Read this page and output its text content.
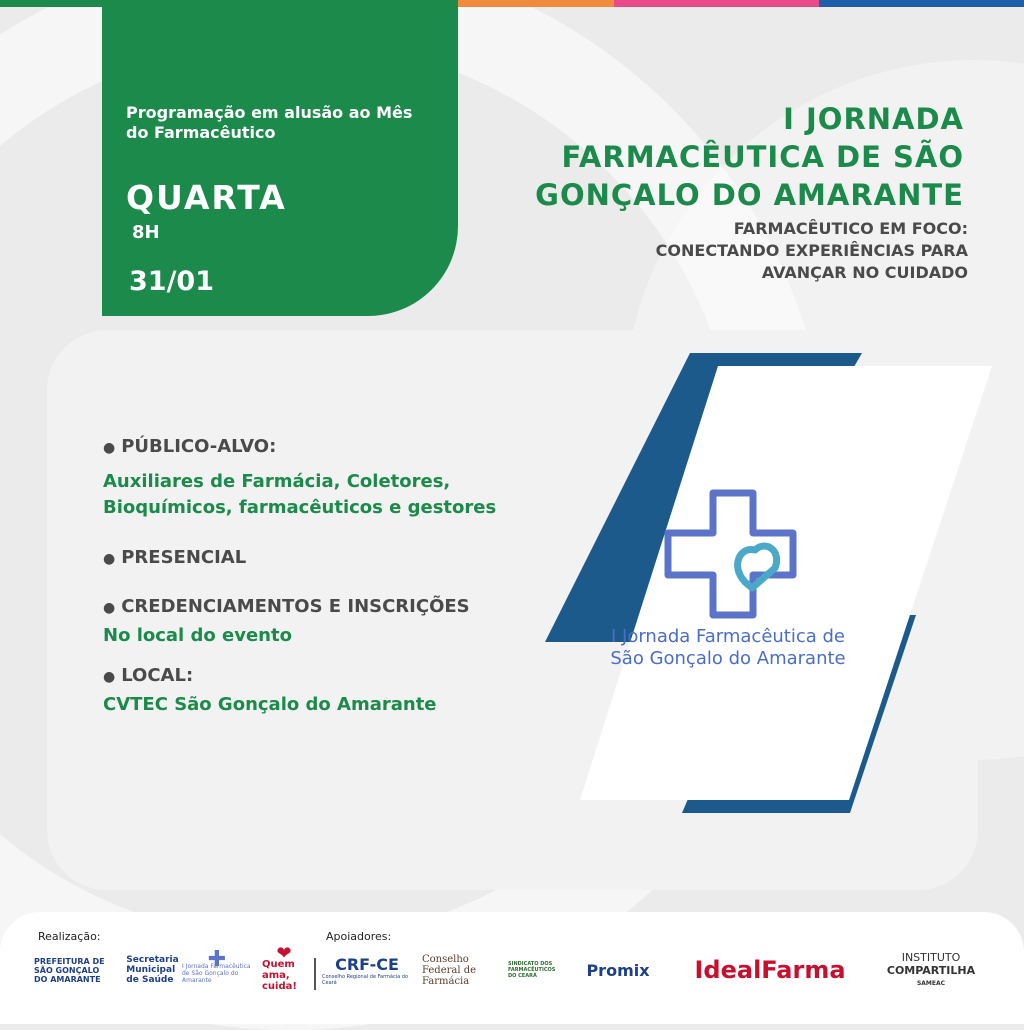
Programação em alusão ao Mês do Farmacêutico
QUARTA
8H
31/01
I JORNADA
FARMACÊUTICA DE SÃO
GONÇALO DO AMARANTE
FARMACÊUTICO EM FOCO:
CONECTANDO EXPERIÊNCIAS PARA
AVANÇAR NO CUIDADO
● PÚBLICO-ALVO:
Auxiliares de Farmácia, Coletores, Bioquímicos, farmacêuticos e gestores
● PRESENCIAL
● CREDENCIAMENTOS E INSCRIÇÕES
No local do evento
● LOCAL:
CVTEC São Gonçalo do Amarante
I Jornada Farmacêutica de
São Gonçalo do Amarante
Realização:	Apoiadores:
PREFEITURA DE
SÃO GONÇALO
DO AMARANTE
Secretaria Municipal de Saúde
✚
I Jornada Farmacêutica de São Gonçalo do Amarante
❤
Quem ama, cuida!
CRF-CE
Conselho Regional de Farmácia do Ceará
Conselho Federal de Farmácia
SINDICATO DOS FARMACÊUTICOS DO CEARÁ	Promix	IdealFarma	INSTITUTO
COMPARTILHA
SAMEAC
